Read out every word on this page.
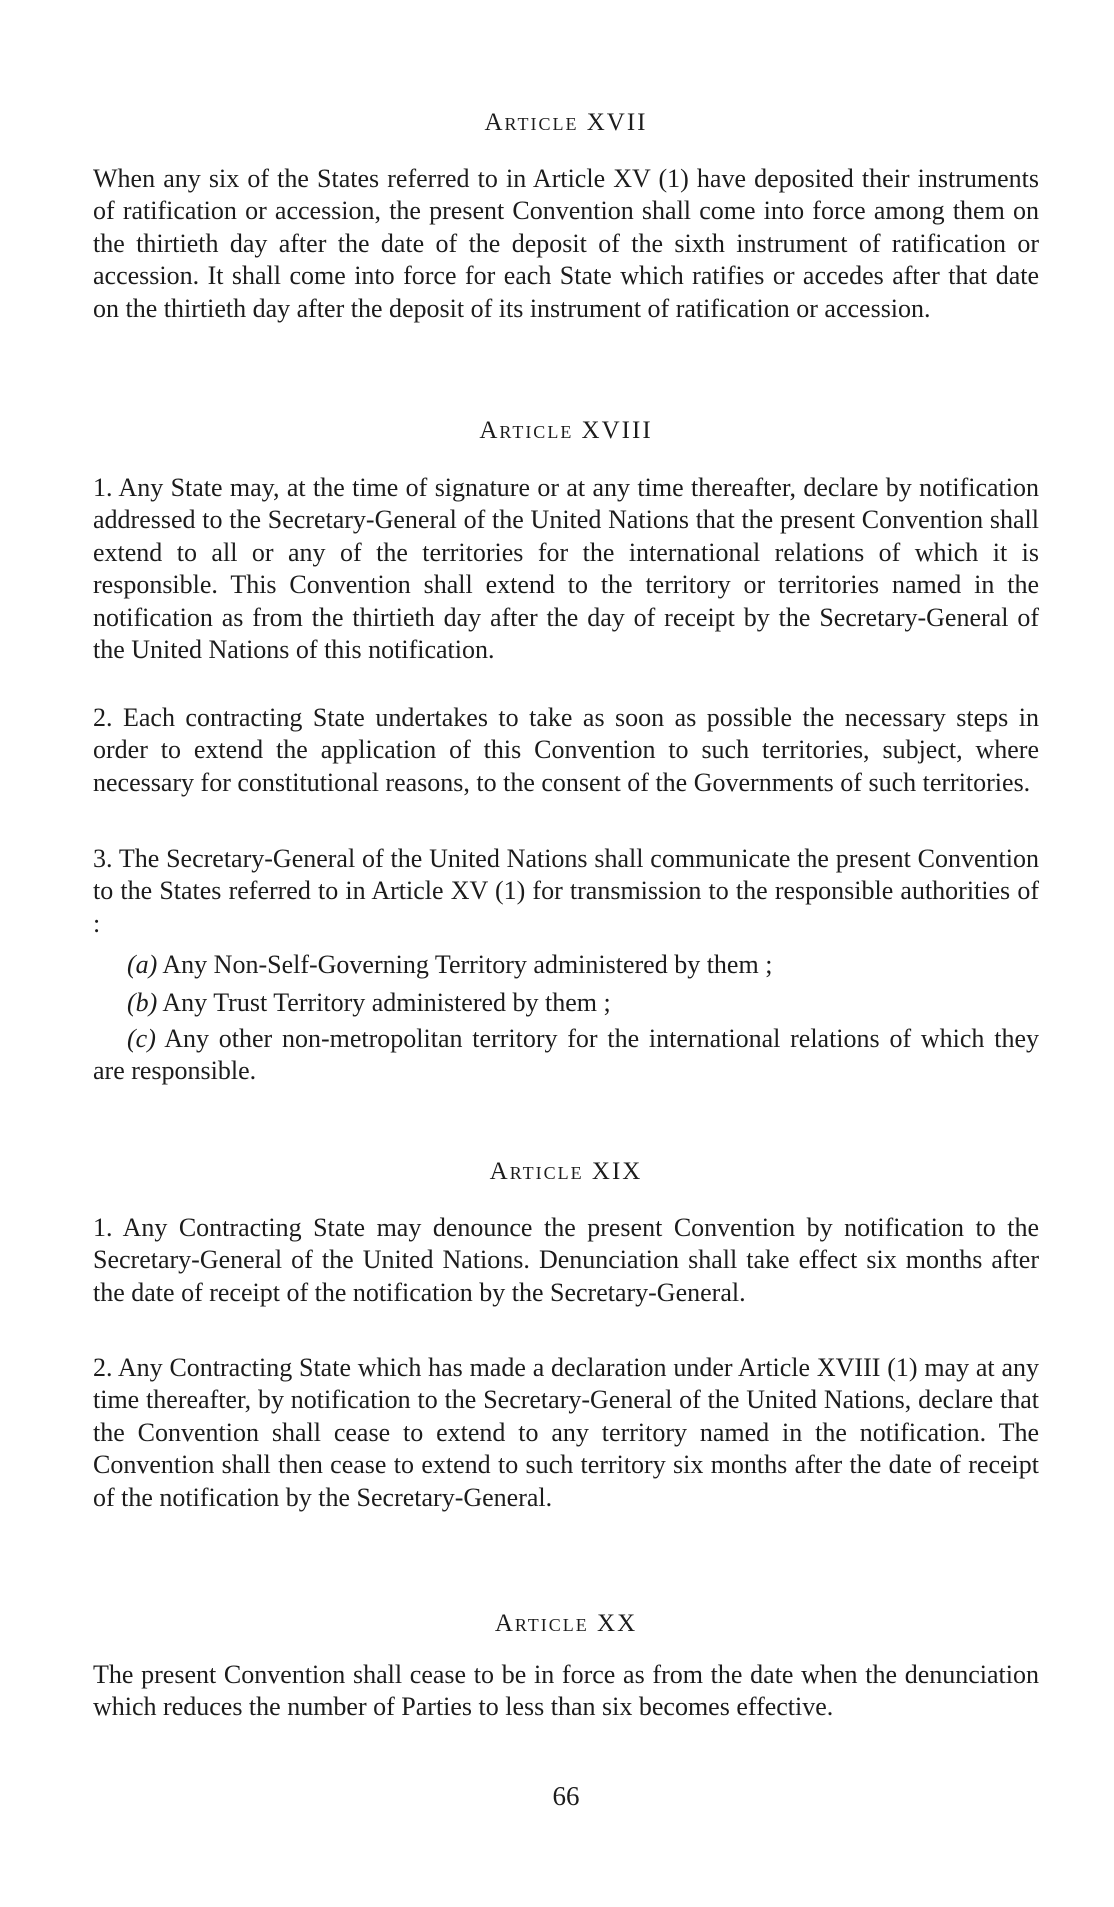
Article XVII

When any six of the States referred to in Article XV (1) have deposited their instruments of ratification or accession, the present Convention shall come into force among them on the thirtieth day after the date of the deposit of the sixth instrument of ratification or accession. It shall come into force for each State which ratifies or accedes after that date on the thirtieth day after the deposit of its instrument of ratification or accession.

Article XVIII

1. Any State may, at the time of signature or at any time thereafter, declare by notification addressed to the Secretary-General of the United Nations that the present Convention shall extend to all or any of the territories for the international relations of which it is responsible. This Convention shall extend to the territory or territories named in the notification as from the thirtieth day after the day of receipt by the Secretary-General of the United Nations of this notification.

2. Each contracting State undertakes to take as soon as possible the necessary steps in order to extend the application of this Convention to such territories, subject, where necessary for constitutional reasons, to the consent of the Governments of such territories.

3. The Secretary-General of the United Nations shall communicate the present Convention to the States referred to in Article XV (1) for transmission to the responsible authorities of :

(a) Any Non-Self-Governing Territory administered by them ;

(b) Any Trust Territory administered by them ;

(c) Any other non-metropolitan territory for the international relations of which they are responsible.

Article XIX

1. Any Contracting State may denounce the present Convention by notification to the Secretary-General of the United Nations. Denunciation shall take effect six months after the date of receipt of the notification by the Secretary-General.

2. Any Contracting State which has made a declaration under Article XVIII (1) may at any time thereafter, by notification to the Secretary-General of the United Nations, declare that the Convention shall cease to extend to any territory named in the notification. The Convention shall then cease to extend to such territory six months after the date of receipt of the notification by the Secretary-General.

Article XX

The present Convention shall cease to be in force as from the date when the denunciation which reduces the number of Parties to less than six becomes effective.

66
